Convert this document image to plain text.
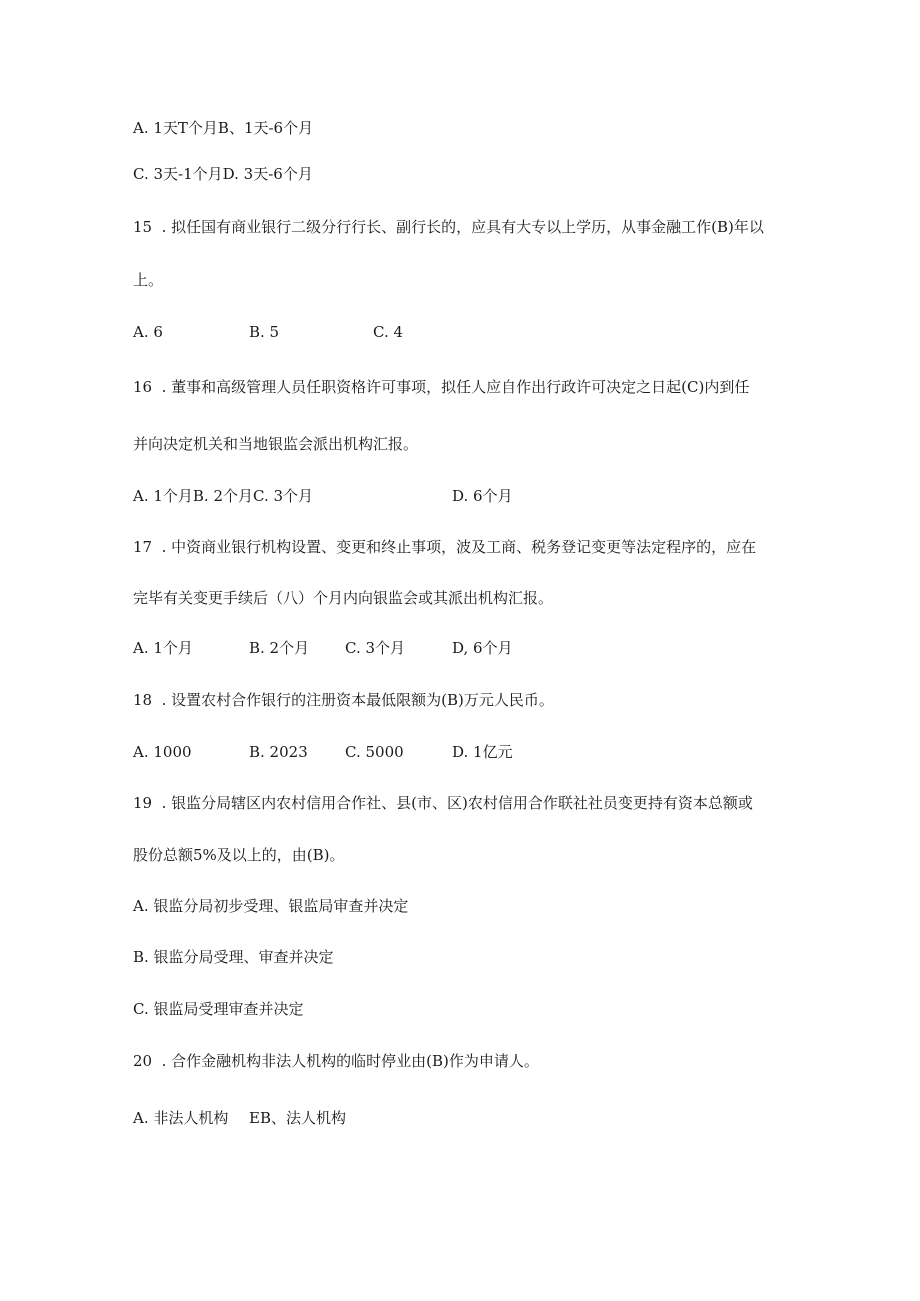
A. 1天T个月B、1天-6个月
C. 3天-1个月D. 3天-6个月
15  . 拟任国有商业银行二级分行行长、副行长的，应具有大专以上学历，从事金融工作(B)年以
上。
A. 6	B. 5	C. 4
16  . 董事和高级管理人员任职资格许可事项，拟任人应自作出行政许可决定之日起(C)内到任
并向决定机关和当地银监会派出机构汇报。
A. 1个月B. 2个月C. 3个月	D. 6个月
17  . 中资商业银行机构设置、变更和终止事项，波及工商、税务登记变更等法定程序的，应在
完毕有关变更手续后（八）个月内向银监会或其派出机构汇报。
A. 1个月	B. 2个月 C. 3个月	D, 6个月
18  . 设置农村合作银行的注册资本最低限额为(B)万元人民币。
A. 1000	B. 2023 C. 5000	D. 1亿元
19  . 银监分局辖区内农村信用合作社、县(市、区)农村信用合作联社社员变更持有资本总额或
股份总额5%及以上的，由(B)。
A. 银监分局初步受理、银监局审查并决定
B. 银监分局受理、审查并决定
C. 银监局受理审查并决定
20  . 合作金融机构非法人机构的临时停业由(B)作为申请人。
A. 非法人机构 EB、法人机构
